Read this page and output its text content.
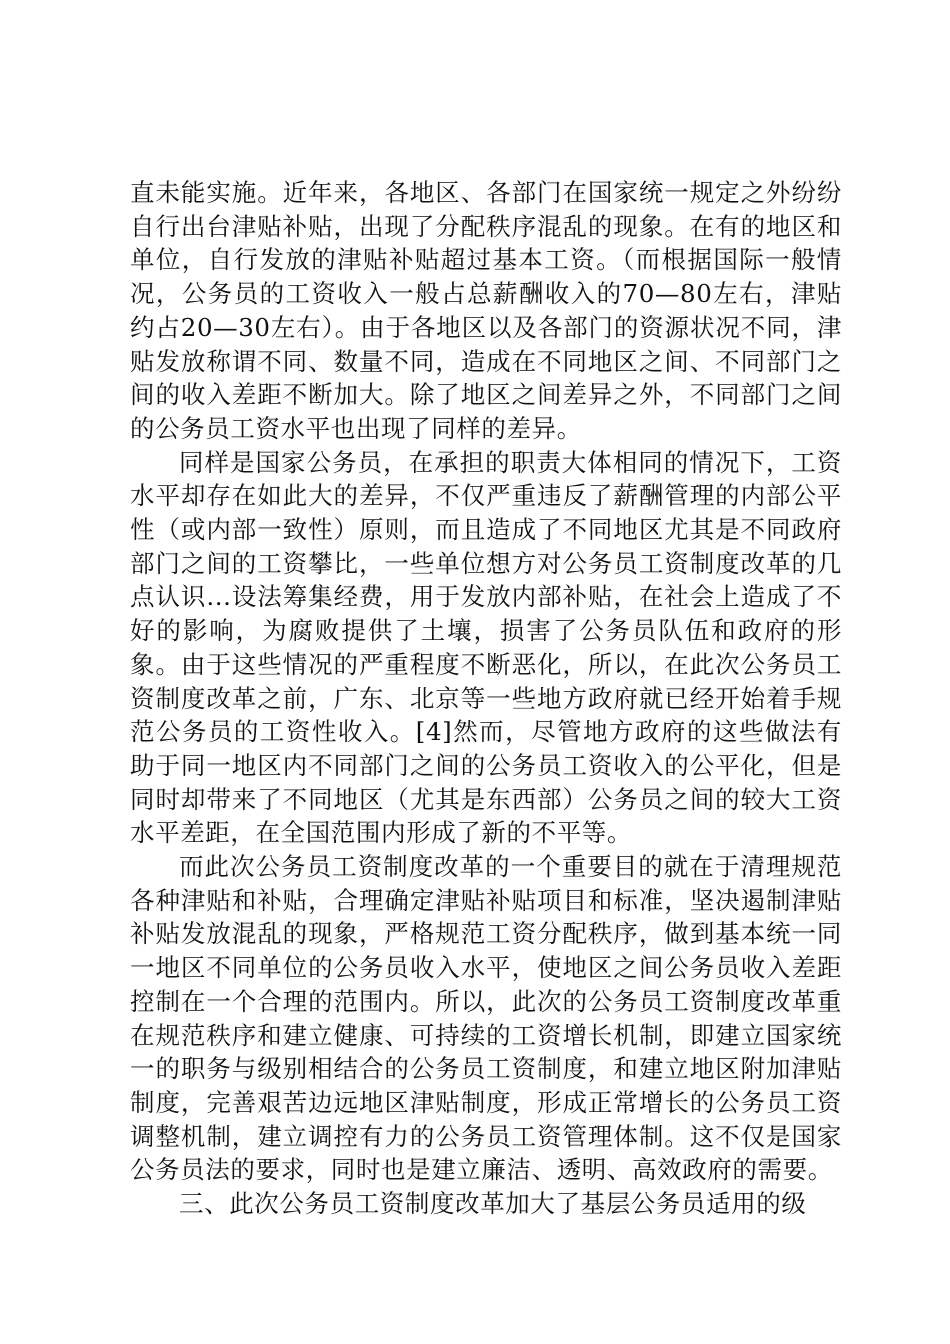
直未能实施。近年来，各地区、各部门在国家统一规定之外纷纷自行出台津贴补贴，出现了分配秩序混乱的现象。在有的地区和单位，自行发放的津贴补贴超过基本工资。（而根据国际一般情况，公务员的工资收入一般占总薪酬收入的70—80左右，津贴约占20—30左右）。由于各地区以及各部门的资源状况不同，津贴发放称谓不同、数量不同，造成在不同地区之间、不同部门之间的收入差距不断加大。除了地区之间差异之外，不同部门之间的公务员工资水平也出现了同样的差异。

同样是国家公务员，在承担的职责大体相同的情况下，工资水平却存在如此大的差异，不仅严重违反了薪酬管理的内部公平性（或内部一致性）原则，而且造成了不同地区尤其是不同政府部门之间的工资攀比，一些单位想方对公务员工资制度改革的几点认识...设法筹集经费，用于发放内部补贴，在社会上造成了不好的影响，为腐败提供了土壤，损害了公务员队伍和政府的形象。由于这些情况的严重程度不断恶化，所以，在此次公务员工资制度改革之前，广东、北京等一些地方政府就已经开始着手规范公务员的工资性收入。[4]然而，尽管地方政府的这些做法有助于同一地区内不同部门之间的公务员工资收入的公平化，但是同时却带来了不同地区（尤其是东西部）公务员之间的较大工资水平差距，在全国范围内形成了新的不平等。

而此次公务员工资制度改革的一个重要目的就在于清理规范各种津贴和补贴，合理确定津贴补贴项目和标准，坚决遏制津贴补贴发放混乱的现象，严格规范工资分配秩序，做到基本统一同一地区不同单位的公务员收入水平，使地区之间公务员收入差距控制在一个合理的范围内。所以，此次的公务员工资制度改革重在规范秩序和建立健康、可持续的工资增长机制，即建立国家统一的职务与级别相结合的公务员工资制度，和建立地区附加津贴制度，完善艰苦边远地区津贴制度，形成正常增长的公务员工资调整机制，建立调控有力的公务员工资管理体制。这不仅是国家公务员法的要求，同时也是建立廉洁、透明、高效政府的需要。

三、此次公务员工资制度改革加大了基层公务员适用的级
